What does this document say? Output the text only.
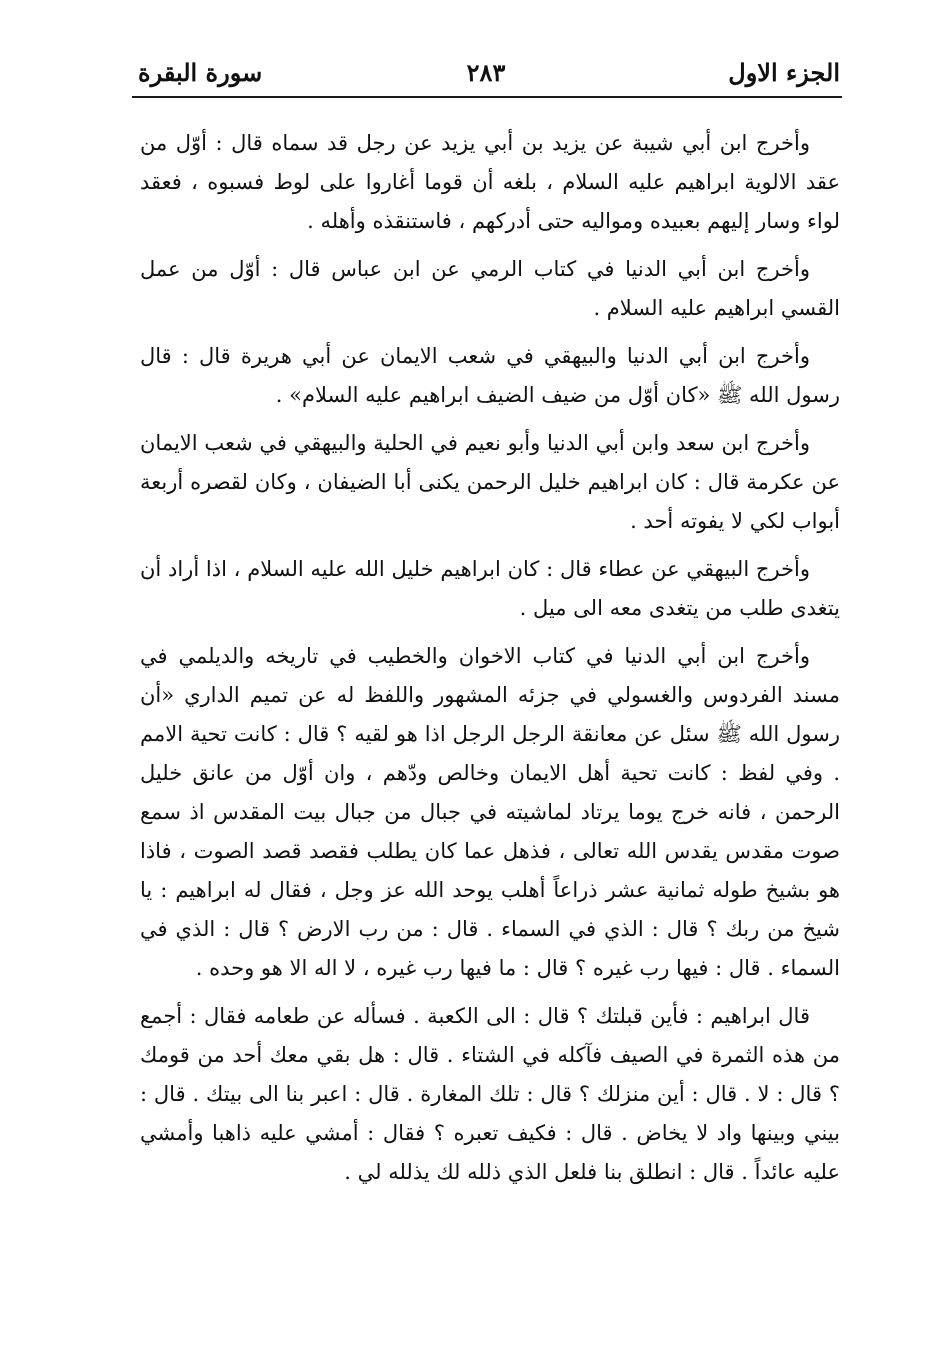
الجزء الاول
٢٨٣
سورة البقرة

وأخرج ابن أبي شيبة عن يزيد بن أبي يزيد عن رجل قد سماه قال : أوّل من عقد الالوية ابراهيم عليه السلام ، بلغه أن قوما أغاروا على لوط فسبوه ، فعقد لواء وسار إليهم بعبيده ومواليه حتى أدركهم ، فاستنقذه وأهله .

وأخرج ابن أبي الدنيا في كتاب الرمي عن ابن عباس قال : أوّل من عمل القسي ابراهيم عليه السلام .

وأخرج ابن أبي الدنيا والبيهقي في شعب الايمان عن أبي هريرة قال : قال رسول الله ﷺ «كان أوّل من ضيف الضيف ابراهيم عليه السلام» .

وأخرج ابن سعد وابن أبي الدنيا وأبو نعيم في الحلية والبيهقي في شعب الايمان عن عكرمة قال : كان ابراهيم خليل الرحمن يكنى أبا الضيفان ، وكان لقصره أربعة أبواب لكي لا يفوته أحد .

وأخرج البيهقي عن عطاء قال : كان ابراهيم خليل الله عليه السلام ، اذا أراد أن يتغدى طلب من يتغدى معه الى ميل .

وأخرج ابن أبي الدنيا في كتاب الاخوان والخطيب في تاريخه والديلمي في مسند الفردوس والغسولي في جزئه المشهور واللفظ له عن تميم الداري «أن رسول الله ﷺ سئل عن معانقة الرجل الرجل اذا هو لقيه ؟ قال : كانت تحية الامم . وفي لفظ : كانت تحية أهل الايمان وخالص ودّهم ، وان أوّل من عانق خليل الرحمن ، فانه خرج يوما يرتاد لماشيته في جبال من جبال بيت المقدس اذ سمع صوت مقدس يقدس الله تعالى ، فذهل عما كان يطلب فقصد قصد الصوت ، فاذا هو بشيخ طوله ثمانية عشر ذراعاً أهلب يوحد الله عز وجل ، فقال له ابراهيم : يا شيخ من ربك ؟ قال : الذي في السماء . قال : من رب الارض ؟ قال : الذي في السماء . قال : فيها رب غيره ؟ قال : ما فيها رب غيره ، لا اله الا هو وحده .

قال ابراهيم : فأين قبلتك ؟ قال : الى الكعبة . فسأله عن طعامه فقال : أجمع من هذه الثمرة في الصيف فآكله في الشتاء . قال : هل بقي معك أحد من قومك ؟ قال : لا . قال : أين منزلك ؟ قال : تلك المغارة . قال : اعبر بنا الى بيتك . قال : بيني وبينها واد لا يخاض . قال : فكيف تعبره ؟ فقال : أمشي عليه ذاهبا وأمشي عليه عائداً . قال : انطلق بنا فلعل الذي ذلله لك يذلله لي .
